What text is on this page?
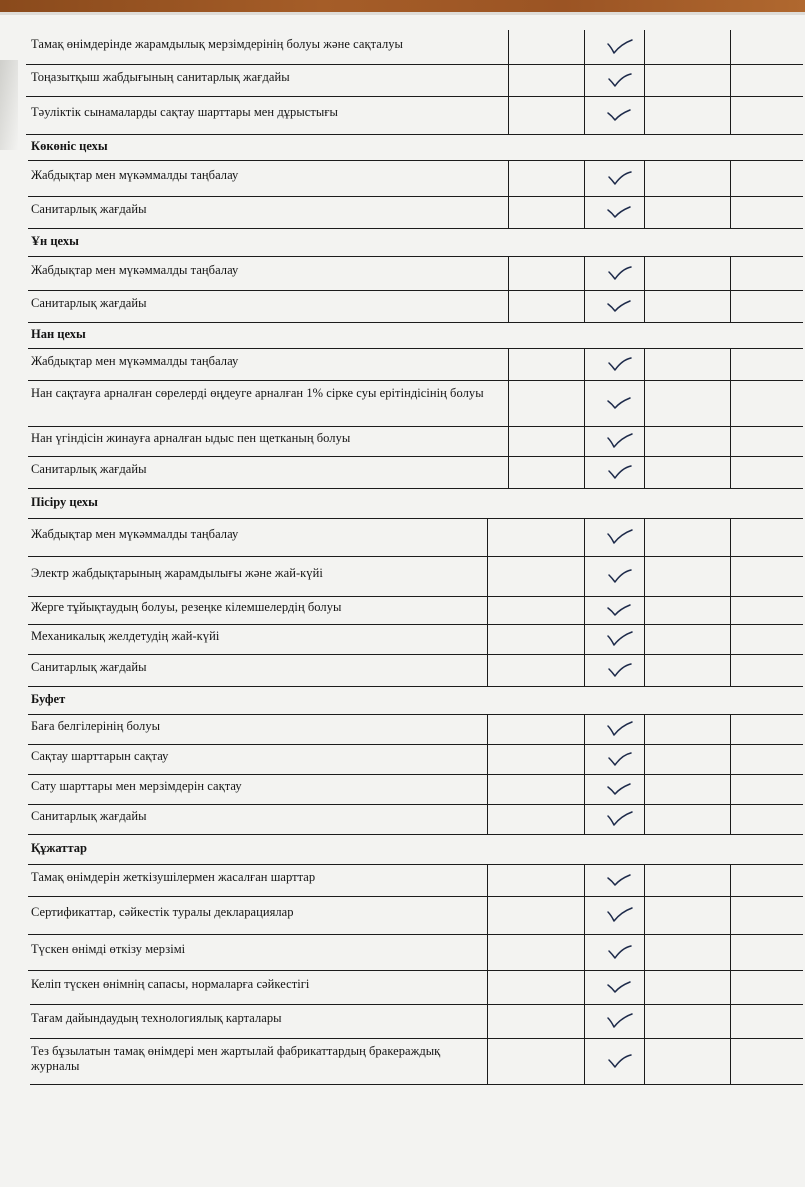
Тамақ өнімдерінде жарамдылық мерзімдерінің болуы және сақталуы
Тоңазытқыш жабдығының санитарлық жағдайы
Тәуліктік сынамаларды сақтау шарттары мен дұрыстығы
Көкөніс цехы
Жабдықтар мен мүкәммалды таңбалау
Санитарлық жағдайы
Ұн цехы
Жабдықтар мен мүкәммалды таңбалау
Санитарлық жағдайы
Нан цехы
Жабдықтар мен мүкәммалды таңбалау
Нан сақтауға арналған сөрелерді өңдеуге арналған 1% сірке суы ерітіндісінің болуы
Нан үгіндісін жинауға арналған ыдыс пен щетканың болуы
Санитарлық жағдайы
Пісіру цехы
Жабдықтар мен мүкәммалды таңбалау
Электр жабдықтарының жарамдылығы және жай-күйі
Жерге тұйықтаудың болуы, резеңке кілемшелердің болуы
Механикалық желдетудің жай-күйі
Санитарлық жағдайы
Буфет
Баға белгілерінің болуы
Сақтау шарттарын сақтау
Сату шарттары мен мерзімдерін сақтау
Санитарлық жағдайы
Құжаттар
Тамақ өнімдерін жеткізушілермен жасалған шарттар
Сертификаттар, сәйкестік туралы декларациялар
Түскен өнімді өткізу мерзімі
Келіп түскен өнімнің сапасы, нормаларға сәйкестігі
Тағам дайындаудың технологиялық карталары
Тез бұзылатын тамақ өнімдері мен жартылай фабрикаттардың бракераждық журналы
